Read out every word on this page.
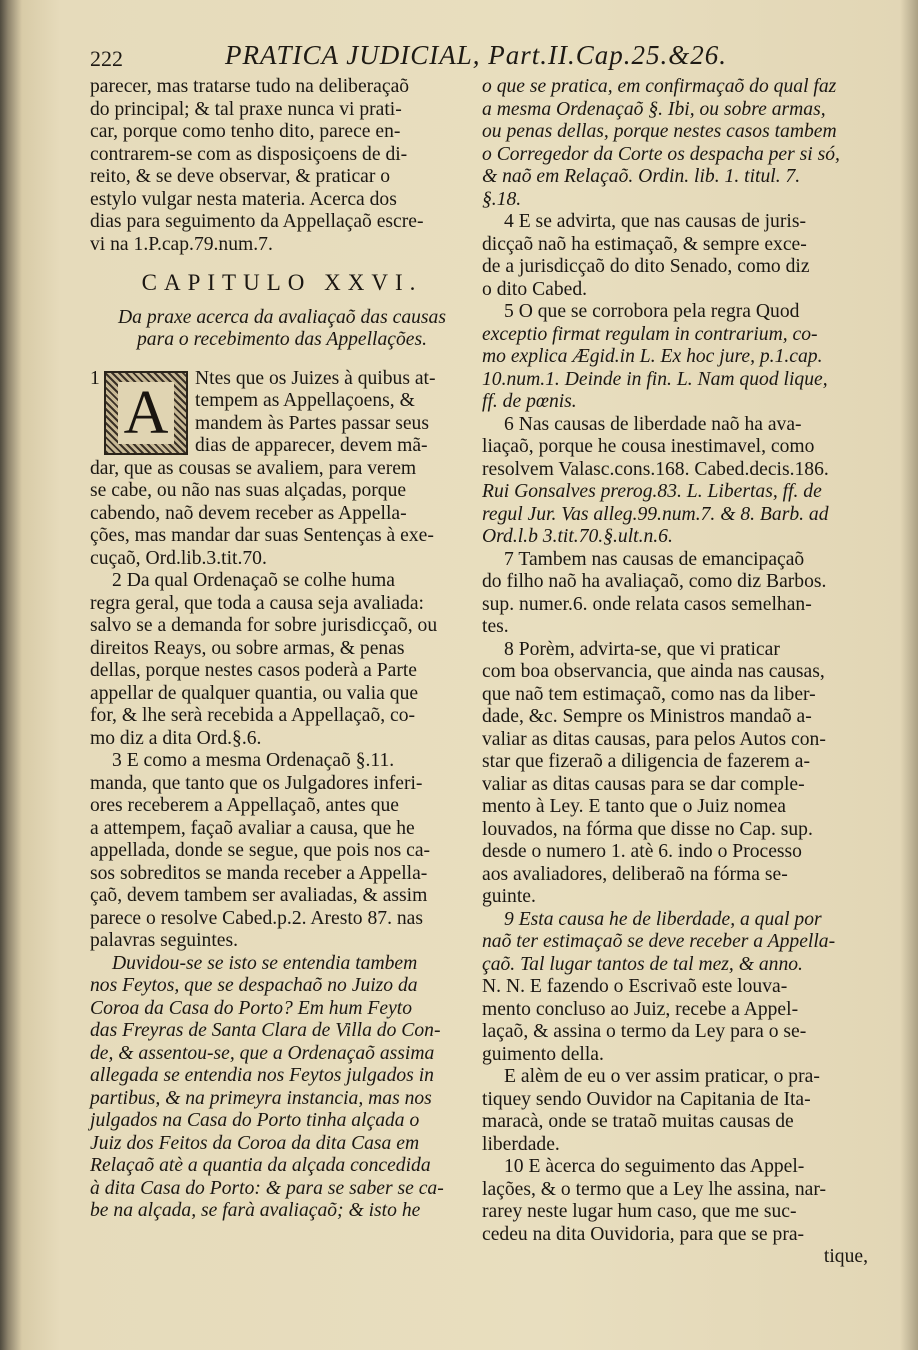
222	PRATICA JUDICIAL, Part.II.Cap.25.&26.
parecer, mas tratarse tudo na deliberaçaõ
do principal; & tal praxe nunca vi prati-
car, porque como tenho dito, parece en-
contrarem-se com as disposiçoens de di-
reito, & se deve observar, & praticar o
estylo vulgar nesta materia. Acerca dos
dias para seguimento da Appellaçaõ escre-
vi na 1.P.cap.79.num.7.
CAPITULO XXVI.
Da praxe acerca da avaliaçaõ das causas
para o recebimento das Appellações.
1
A
Ntes que os Juizes à quibus at-
tempem as Appellaçoens, &
mandem às Partes passar seus
dias de apparecer, devem mã-
dar, que as cousas se avaliem, para verem
se cabe, ou não nas suas alçadas, porque
cabendo, naõ devem receber as Appella-
ções, mas mandar dar suas Sentenças à exe-
cuçaõ, Ord.lib.3.tit.70.
2 Da qual Ordenaçaõ se colhe huma
regra geral, que toda a causa seja avaliada:
salvo se a demanda for sobre jurisdicçaõ, ou
direitos Reays, ou sobre armas, & penas
dellas, porque nestes casos poderà a Parte
appellar de qualquer quantia, ou valia que
for, & lhe serà recebida a Appellaçaõ, co-
mo diz a dita Ord.§.6.
3 E como a mesma Ordenaçaõ §.11.
manda, que tanto que os Julgadores inferi-
ores receberem a Appellaçaõ, antes que
a attempem, façaõ avaliar a causa, que he
appellada, donde se segue, que pois nos ca-
sos sobreditos se manda receber a Appella-
çaõ, devem tambem ser avaliadas, & assim
parece o resolve Cabed.p.2. Aresto 87. nas
palavras seguintes.
Duvidou-se se isto se entendia tambem
nos Feytos, que se despachaõ no Juizo da
Coroa da Casa do Porto? Em hum Feyto
das Freyras de Santa Clara de Villa do Con-
de, & assentou-se, que a Ordenaçaõ assima
allegada se entendia nos Feytos julgados in
partibus, & na primeyra instancia, mas nos
julgados na Casa do Porto tinha alçada o
Juiz dos Feitos da Coroa da dita Casa em
Relaçaõ atè a quantia da alçada concedida
à dita Casa do Porto: & para se saber se ca-
be na alçada, se farà avaliaçaõ; & isto he
o que se pratica, em confirmaçaõ do qual faz
a mesma Ordenaçaõ §. Ibi, ou sobre armas,
ou penas dellas, porque nestes casos tambem
o Corregedor da Corte os despacha per si só,
& naõ em Relaçaõ. Ordin. lib. 1. titul. 7.
§.18.
4 E se advirta, que nas causas de juris-
dicçaõ naõ ha estimaçaõ, & sempre exce-
de a jurisdicçaõ do dito Senado, como diz
o dito Cabed.
5 O que se corrobora pela regra Quod
exceptio firmat regulam in contrarium, co-
mo explica Ægid.in L. Ex hoc jure, p.1.cap.
10.num.1. Deinde in fin. L. Nam quod lique,
ff. de pœnis.
6 Nas causas de liberdade naõ ha ava-
liaçaõ, porque he cousa inestimavel, como
resolvem Valasc.cons.168. Cabed.decis.186.
Rui Gonsalves prerog.83. L. Libertas, ff. de
regul Jur. Vas alleg.99.num.7. & 8. Barb. ad
Ord.l.b 3.tit.70.§.ult.n.6.
7 Tambem nas causas de emancipaçaõ
do filho naõ ha avaliaçaõ, como diz Barbos.
sup. numer.6. onde relata casos semelhan-
tes.
8 Porèm, advirta-se, que vi praticar
com boa observancia, que ainda nas causas,
que naõ tem estimaçaõ, como nas da liber-
dade, &c. Sempre os Ministros mandaõ a-
valiar as ditas causas, para pelos Autos con-
star que fizeraõ a diligencia de fazerem a-
valiar as ditas causas para se dar comple-
mento à Ley. E tanto que o Juiz nomea
louvados, na fórma que disse no Cap. sup.
desde o numero 1. atè 6. indo o Processo
aos avaliadores, deliberaõ na fórma se-
guinte.
9 Esta causa he de liberdade, a qual por
naõ ter estimaçaõ se deve receber a Appella-
çaõ. Tal lugar tantos de tal mez, & anno.
N. N. E fazendo o Escrivaõ este louva-
mento concluso ao Juiz, recebe a Appel-
laçaõ, & assina o termo da Ley para o se-
guimento della.
E alèm de eu o ver assim praticar, o pra-
tiquey sendo Ouvidor na Capitania de Ita-
maracà, onde se trataõ muitas causas de
liberdade.
10 E àcerca do seguimento das Appel-
lações, & o termo que a Ley lhe assina, nar-
rarey neste lugar hum caso, que me suc-
cedeu na dita Ouvidoria, para que se pra-
tique,
